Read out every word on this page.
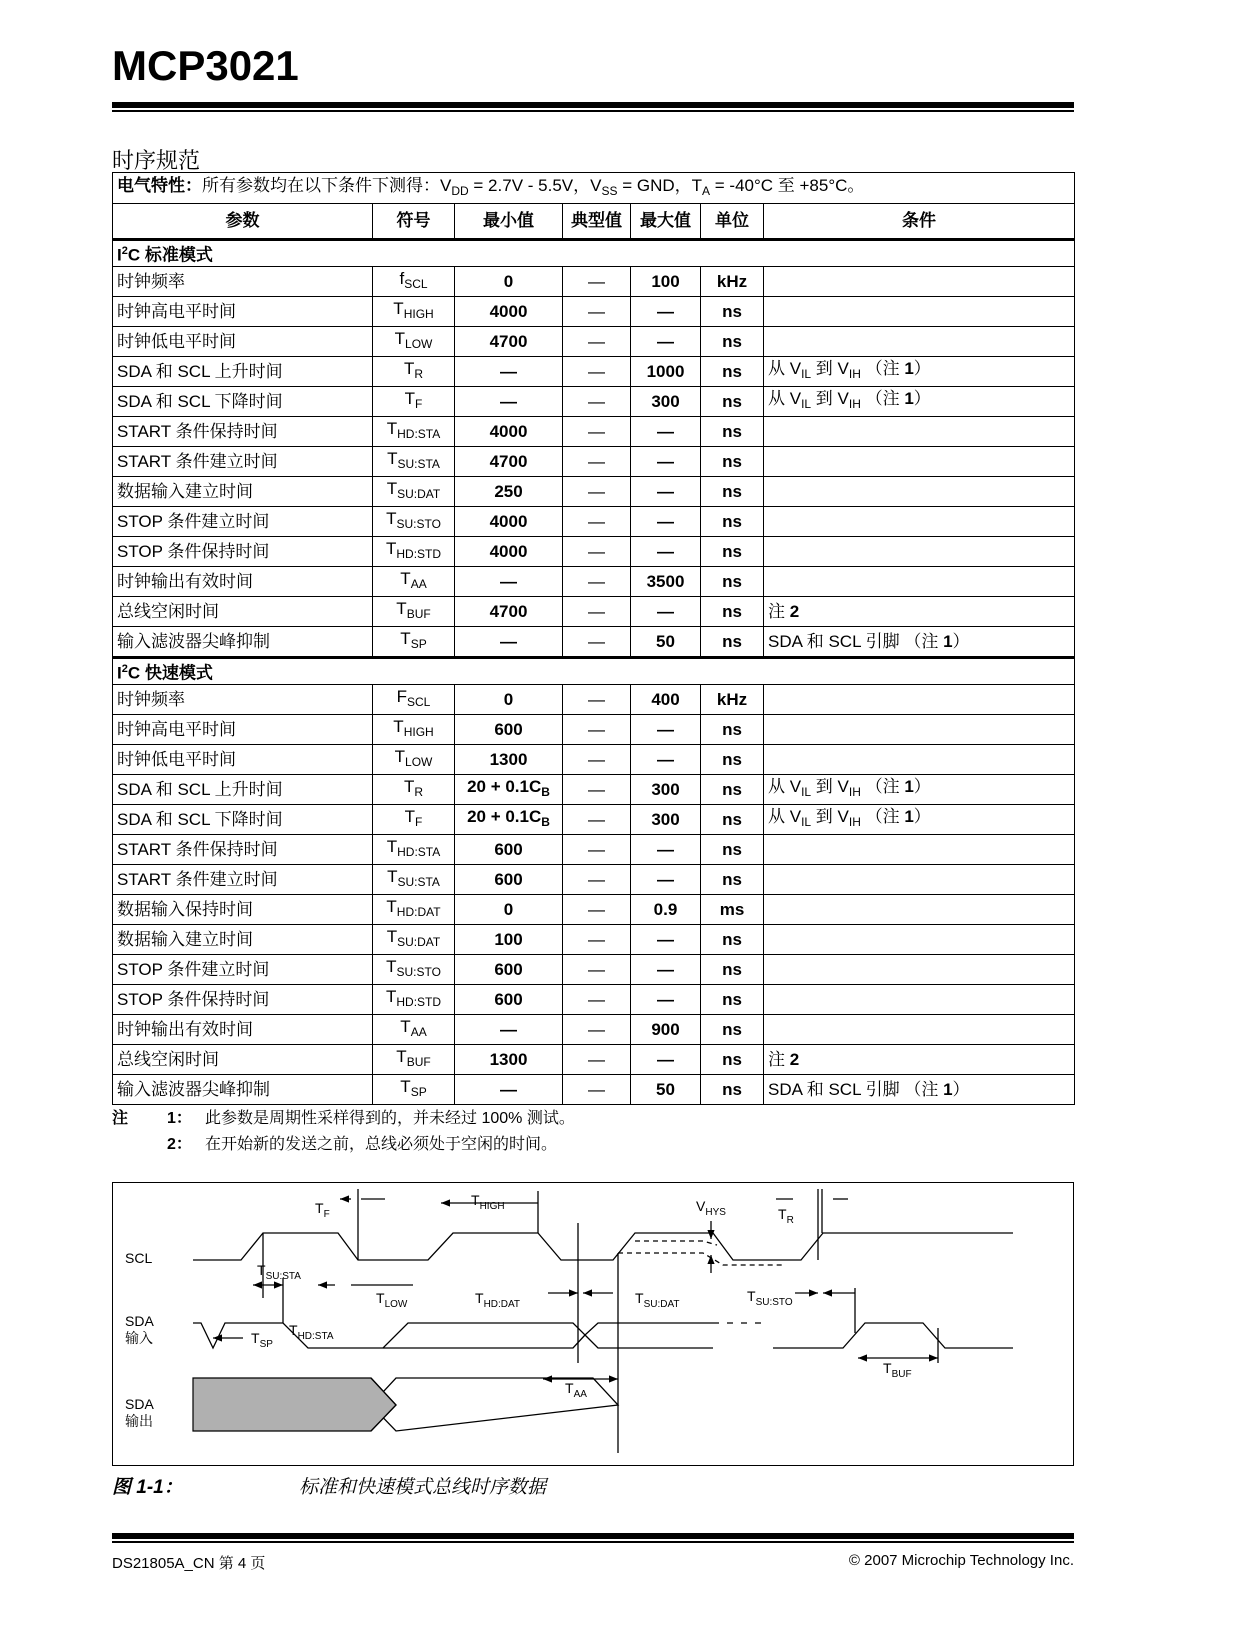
MCP3021
时序规范
电气特性：所有参数均在以下条件下测得：$V_{DD} = 2.7V - 5.5V$，$V_{SS}$ = GND，$T_A = -40^\circ C$ 至 +85°C。						
参数	符号	最小值	典型值	最大值	单位	条件
$I^2C$ 标准模式						
时钟频率	$f_{SCL}$	0	—	100	kHz	
时钟高电平时间	$T_{HIGH}$	4000	—	—	ns	
时钟低电平时间	$T_{LOW}$	4700	—	—	ns	
SDA 和 SCL 上升时间	$T_R$	—	—	1000	ns	从 $V_{IL}$ 到 $V_{IH}$ （注 1）
SDA 和 SCL 下降时间	$T_F$	—	—	300	ns	从 $V_{IL}$ 到 $V_{IH}$ （注 1）
START 条件保持时间	$T_{HD:STA}$	4000	—	—	ns	
START 条件建立时间	$T_{SU:STA}$	4700	—	—	ns	
数据输入建立时间	$T_{SU:DAT}$	250	—	—	ns	
STOP 条件建立时间	$T_{SU:STO}$	4000	—	—	ns	
STOP 条件保持时间	$T_{HD:STD}$	4000	—	—	ns	
时钟输出有效时间	$T_{AA}$	—	—	3500	ns	
总线空闲时间	$T_{BUF}$	4700	—	—	ns	注 2
输入滤波器尖峰抑制	$T_{SP}$	—	—	50	ns	SDA 和 SCL 引脚 （注 1）
$I^2C$ 快速模式						
时钟频率	$F_{SCL}$	0	—	400	kHz	
时钟高电平时间	$T_{HIGH}$	600	—	—	ns	
时钟低电平时间	$T_{LOW}$	1300	—	—	ns	
SDA 和 SCL 上升时间	$T_R$	$20 + 0.1C_B$	—	300	ns	从 $V_{IL}$ 到 $V_{IH}$ （注 1）
SDA 和 SCL 下降时间	$T_F$	$20 + 0.1C_B$	—	300	ns	从 $V_{IL}$ 到 $V_{IH}$ （注 1）
START 条件保持时间	$T_{HD:STA}$	600	—	—	ns	
START 条件建立时间	$T_{SU:STA}$	600	—	—	ns	
数据输入保持时间	$T_{HD:DAT}$	0	—	0.9	ms	
数据输入建立时间	$T_{SU:DAT}$	100	—	—	ns	
STOP 条件建立时间	$T_{SU:STO}$	600	—	—	ns	
STOP 条件保持时间	$T_{HD:STD}$	600	—	—	ns	
时钟输出有效时间	$T_{AA}$	—	—	900	ns	
总线空闲时间	$T_{BUF}$	1300	—	—	ns	注 2
输入滤波器尖峰抑制	$T_{SP}$	—	—	50	ns	SDA 和 SCL 引脚 （注 1）
注	1： 此参数是周期性采样得到的，并未经过 100% 测试。
2： 在开始新的发送之前，总线必须处于空闲的时间。
SCL
SDA
输入
SDA
输出
$T_F$
$T_{HIGH}$	$V_{HYS}$	$T_R$
$T_{SU:STA}$
$T_{LOW}$	$T_{HD:DAT}$	$T_{SU:DAT}$
$T_{SU:STO}$
$T_{HD:STA}$
$T_{SP}$
$T_{BUF}$
$T_{AA}$
图 1-1：	标准和快速模式总线时序数据
DS21805A_CN 第 4 页	© 2007 Microchip Technology Inc.
